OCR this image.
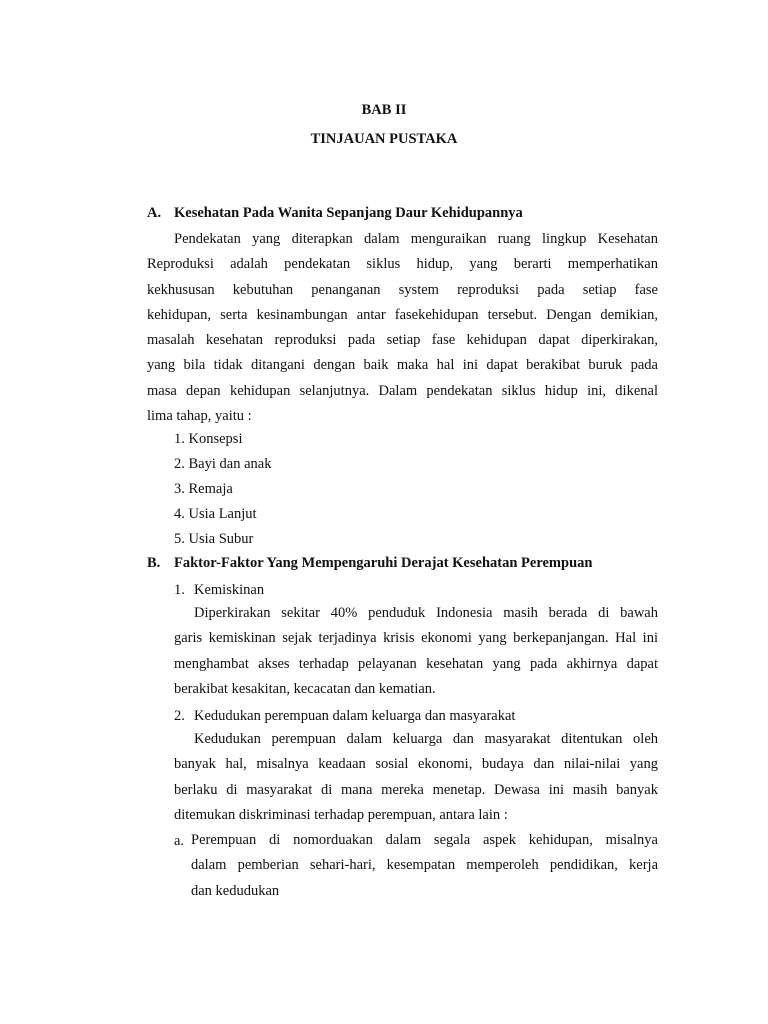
BAB II
TINJAUAN PUSTAKA
A. Kesehatan Pada Wanita Sepanjang Daur Kehidupannya
Pendekatan yang diterapkan dalam menguraikan ruang lingkup Kesehatan
Reproduksi adalah pendekatan siklus hidup, yang berarti memperhatikan
kekhususan kebutuhan penanganan system reproduksi pada setiap fase
kehidupan, serta kesinambungan antar fasekehidupan tersebut. Dengan demikian,
masalah kesehatan reproduksi pada setiap fase kehidupan dapat diperkirakan,
yang bila tidak ditangani dengan baik maka hal ini dapat berakibat buruk pada
masa depan kehidupan selanjutnya. Dalam pendekatan siklus hidup ini, dikenal
lima tahap, yaitu :
1. Konsepsi
2. Bayi dan anak
3. Remaja
4. Usia Lanjut
5. Usia Subur
B. Faktor-Faktor Yang Mempengaruhi Derajat Kesehatan Perempuan
1. Kemiskinan
Diperkirakan sekitar 40% penduduk Indonesia masih berada di bawah
garis kemiskinan sejak terjadinya krisis ekonomi yang berkepanjangan. Hal ini
menghambat akses terhadap pelayanan kesehatan yang pada akhirnya dapat
berakibat kesakitan, kecacatan dan kematian.
2. Kedudukan perempuan dalam keluarga dan masyarakat
Kedudukan perempuan dalam keluarga dan masyarakat ditentukan oleh
banyak hal, misalnya keadaan sosial ekonomi, budaya dan nilai-nilai yang
berlaku di masyarakat di mana mereka menetap. Dewasa ini masih banyak
ditemukan diskriminasi terhadap perempuan, antara lain :
a. Perempuan di nomorduakan dalam segala aspek kehidupan, misalnya
dalam pemberian sehari-hari, kesempatan memperoleh pendidikan, kerja
dan kedudukan
